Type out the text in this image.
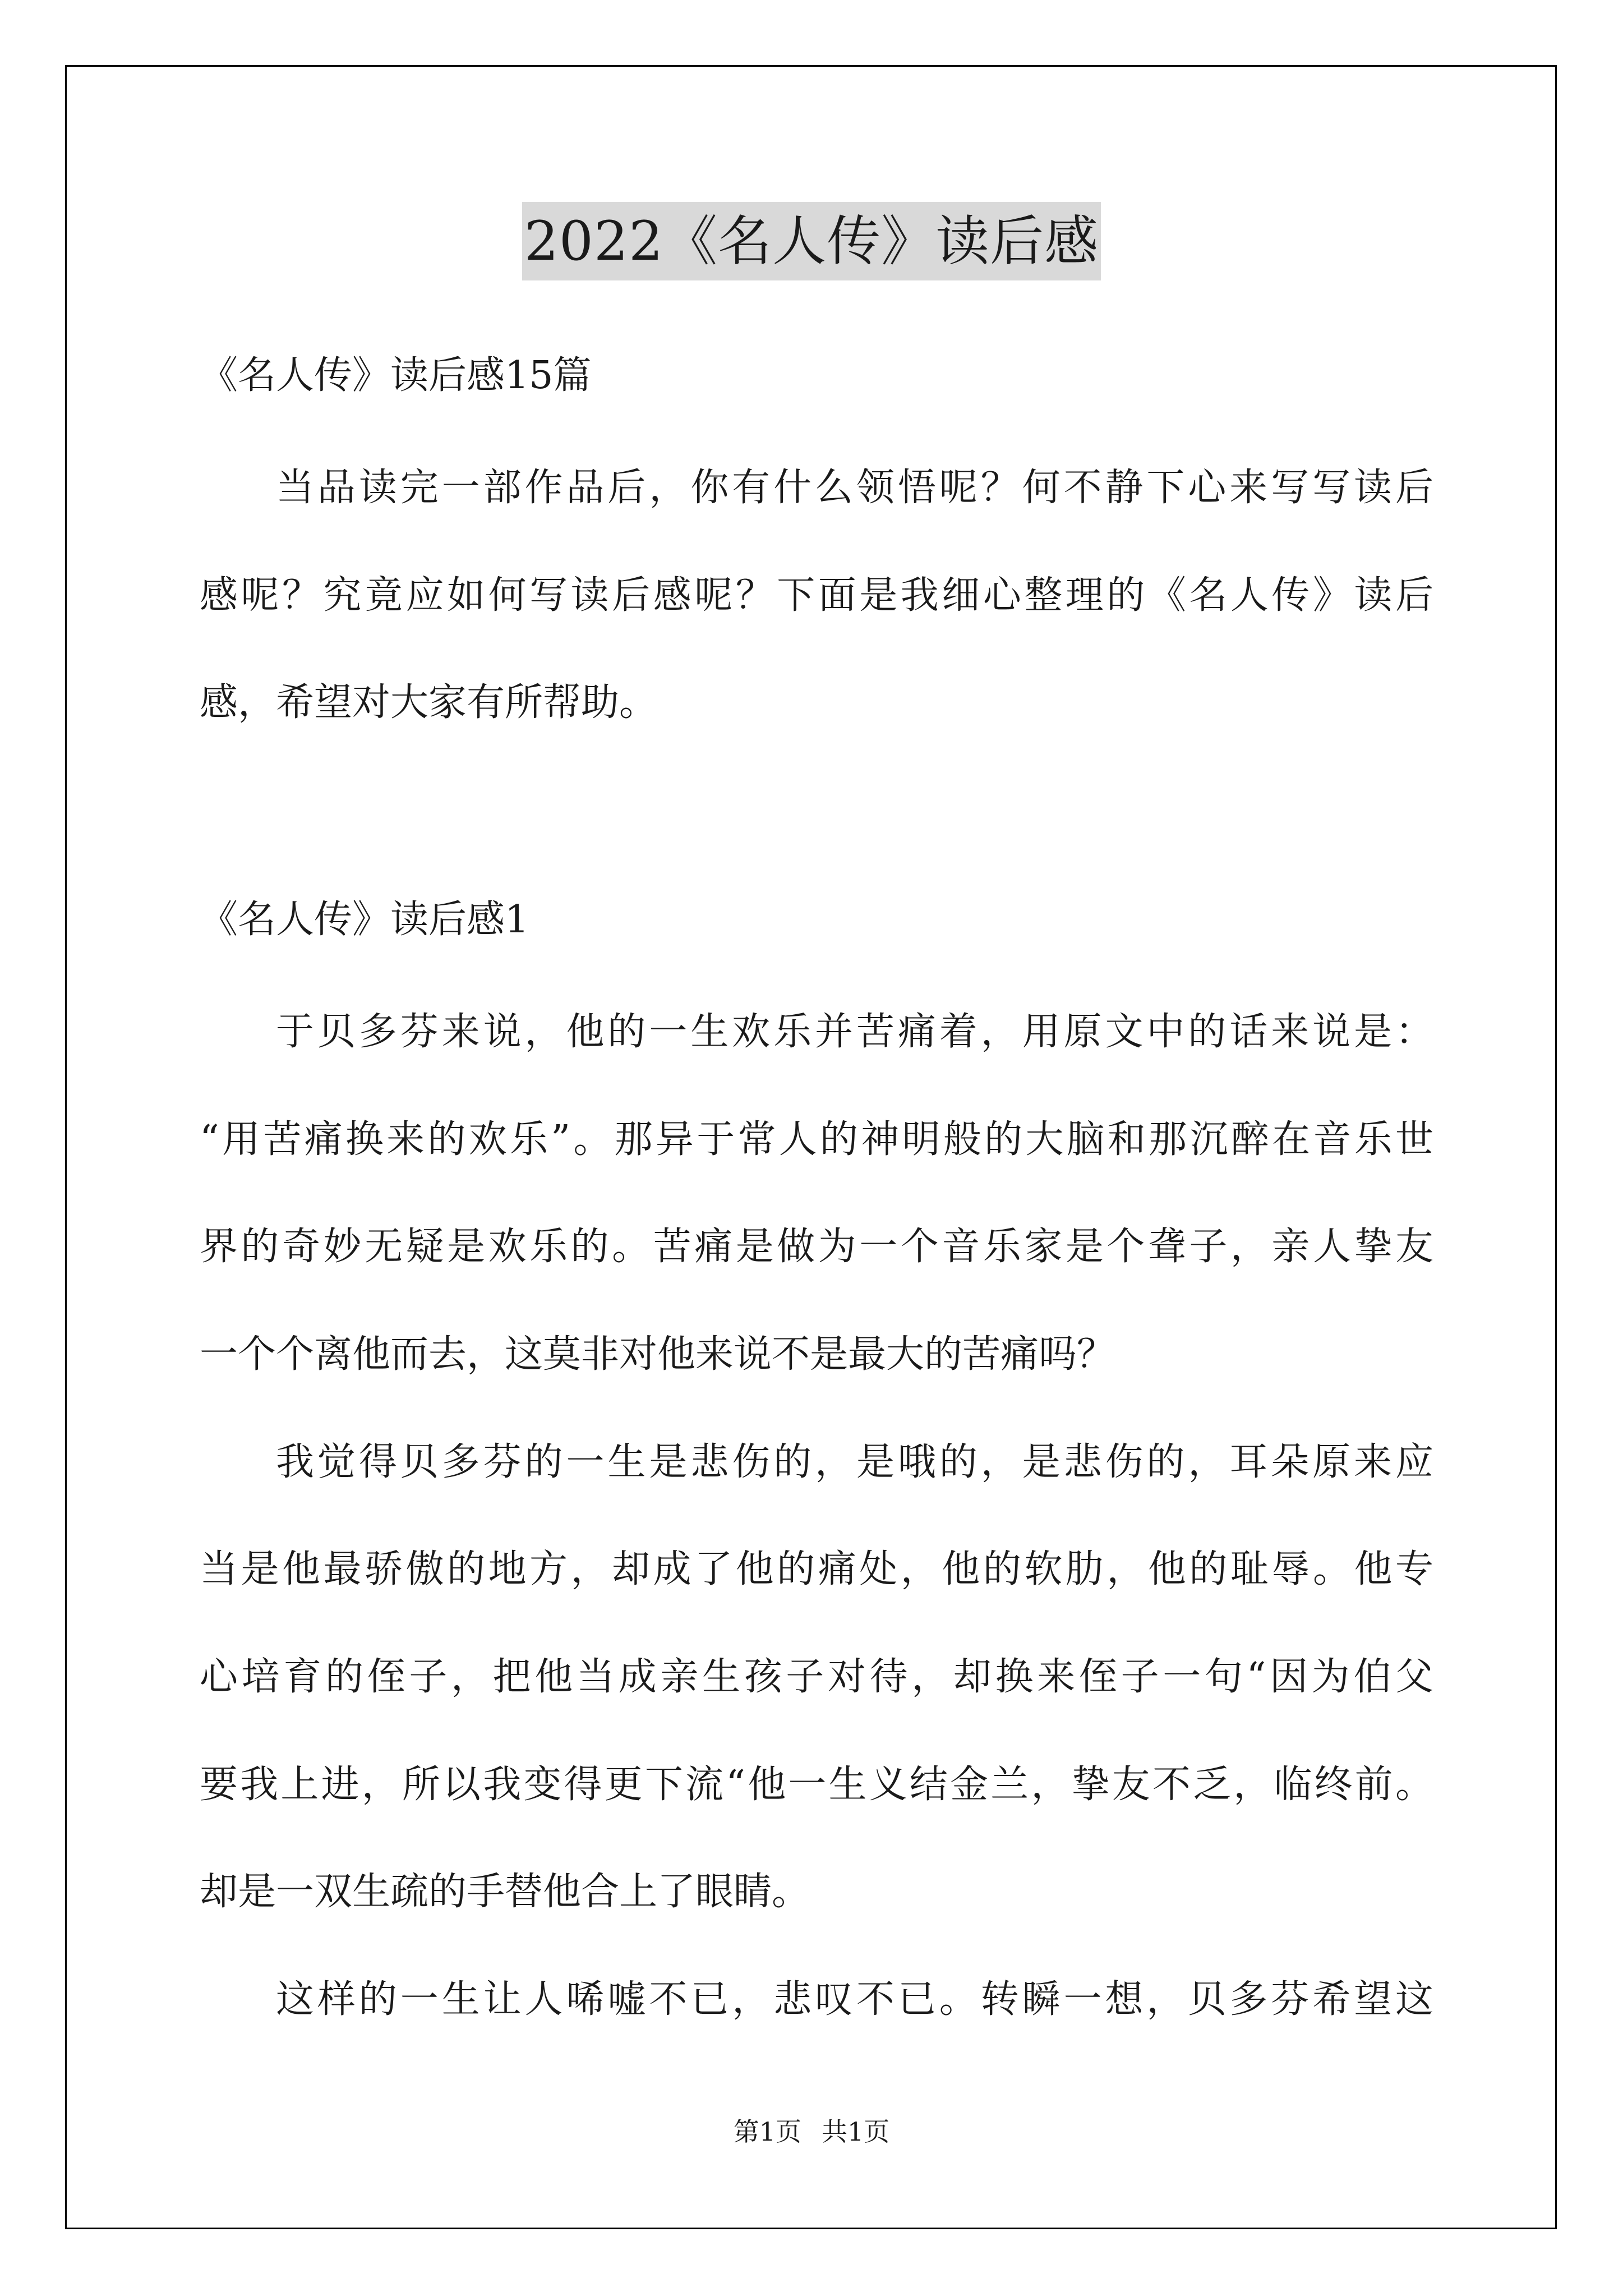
2022《名人传》读后感
《名人传》读后感15篇
当品读完一部作品后，你有什么领悟呢？何不静下心来写写读后
感呢？究竟应如何写读后感呢？下面是我细心整理的《名人传》读后
感，希望对大家有所帮助。
《名人传》读后感1
于贝多芬来说，他的一生欢乐并苦痛着，用原文中的话来说是：
“用苦痛换来的欢乐”。那异于常人的神明般的大脑和那沉醉在音乐世
界的奇妙无疑是欢乐的。苦痛是做为一个音乐家是个聋子，亲人挚友
一个个离他而去，这莫非对他来说不是最大的苦痛吗？
我觉得贝多芬的一生是悲伤的，是哦的，是悲伤的，耳朵原来应
当是他最骄傲的地方，却成了他的痛处，他的软肋，他的耻辱。他专
心培育的侄子，把他当成亲生孩子对待，却换来侄子一句“因为伯父
要我上进，所以我变得更下流“他一生义结金兰，挚友不乏，临终前。
却是一双生疏的手替他合上了眼睛。
这样的一生让人唏嘘不已，悲叹不已。转瞬一想，贝多芬希望这
第1页 共1页
